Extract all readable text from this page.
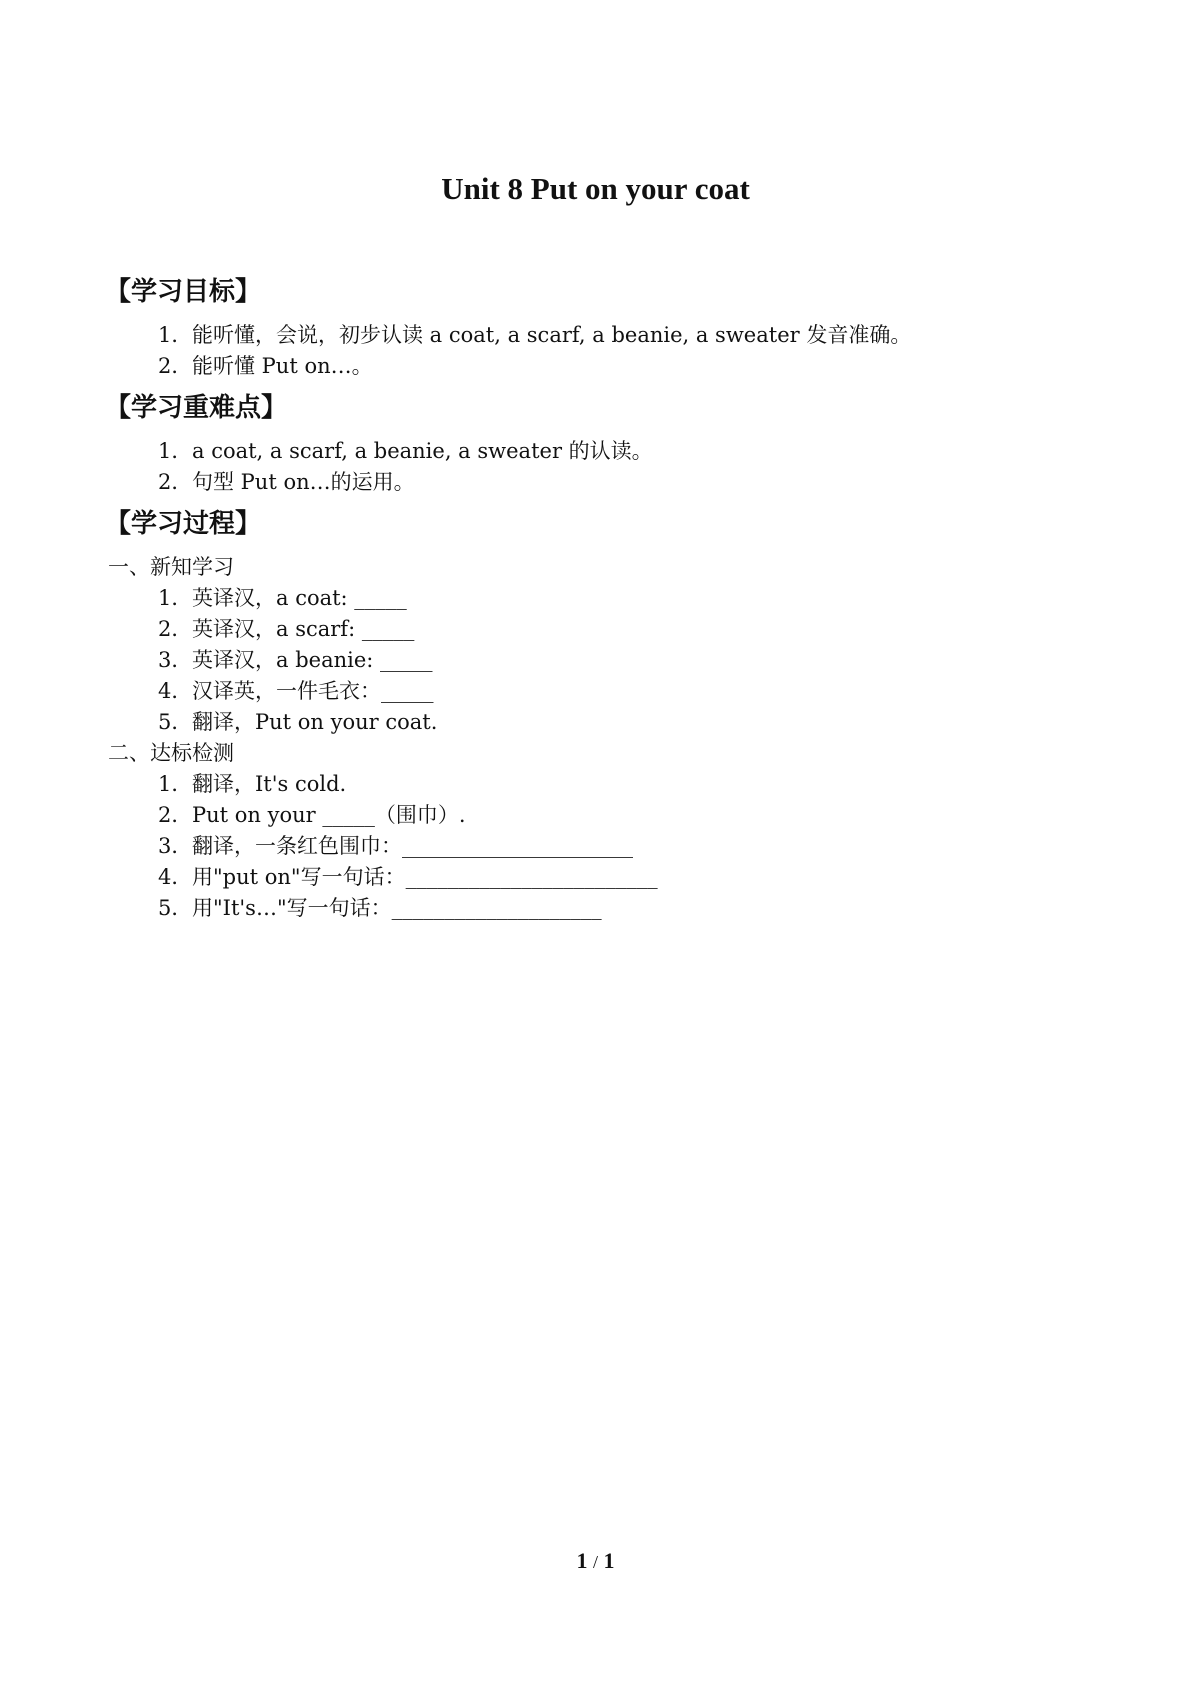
Unit 8 Put on your coat
【学习目标】
1．能听懂，会说，初步认读 a coat, a scarf, a beanie, a sweater 发音准确。
2．能听懂 Put on…。
【学习重难点】
1．a coat, a scarf, a beanie, a sweater 的认读。
2．句型 Put on…的运用。
【学习过程】

一、新知学习

1．英译汉，a coat: _____
2．英译汉，a scarf: _____
3．英译汉，a beanie: _____
4．汉译英，一件毛衣：_____
5．翻译，Put on your coat.

二、达标检测

1．翻译，It's cold.
2．Put on your _____（围巾）.
3．翻译，一条红色围巾：______________________
4．用"put on"写一句话：________________________
5．用"It's…"写一句话：____________________
1 / 1
